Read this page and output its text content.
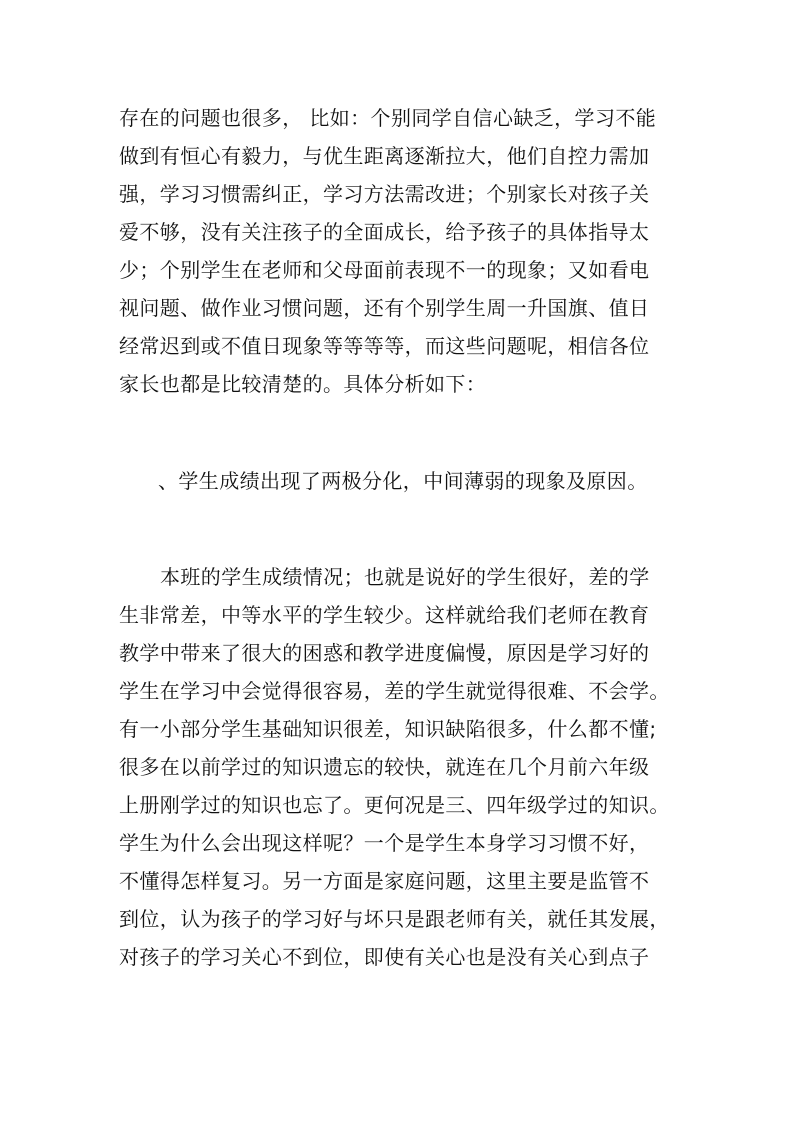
存在的问题也很多， 比如：个别同学自信心缺乏，学习不能
做到有恒心有毅力，与优生距离逐渐拉大，他们自控力需加
强，学习习惯需纠正，学习方法需改进；个别家长对孩子关
爱不够，没有关注孩子的全面成长，给予孩子的具体指导太
少；个别学生在老师和父母面前表现不一的现象；又如看电
视问题、做作业习惯问题，还有个别学生周一升国旗、值日
经常迟到或不值日现象等等等等，而这些问题呢，相信各位
家长也都是比较清楚的。具体分析如下：
、学生成绩出现了两极分化，中间薄弱的现象及原因。
本班的学生成绩情况；也就是说好的学生很好，差的学
生非常差，中等水平的学生较少。这样就给我们老师在教育
教学中带来了很大的困惑和教学进度偏慢，原因是学习好的
学生在学习中会觉得很容易，差的学生就觉得很难、不会学。
有一小部分学生基础知识很差，知识缺陷很多，什么都不懂;
很多在以前学过的知识遗忘的较快，就连在几个月前六年级
上册刚学过的知识也忘了。更何况是三、四年级学过的知识。
学生为什么会出现这样呢？一个是学生本身学习习惯不好，
不懂得怎样复习。另一方面是家庭问题，这里主要是监管不
到位，认为孩子的学习好与坏只是跟老师有关，就任其发展，
对孩子的学习关心不到位，即使有关心也是没有关心到点子
